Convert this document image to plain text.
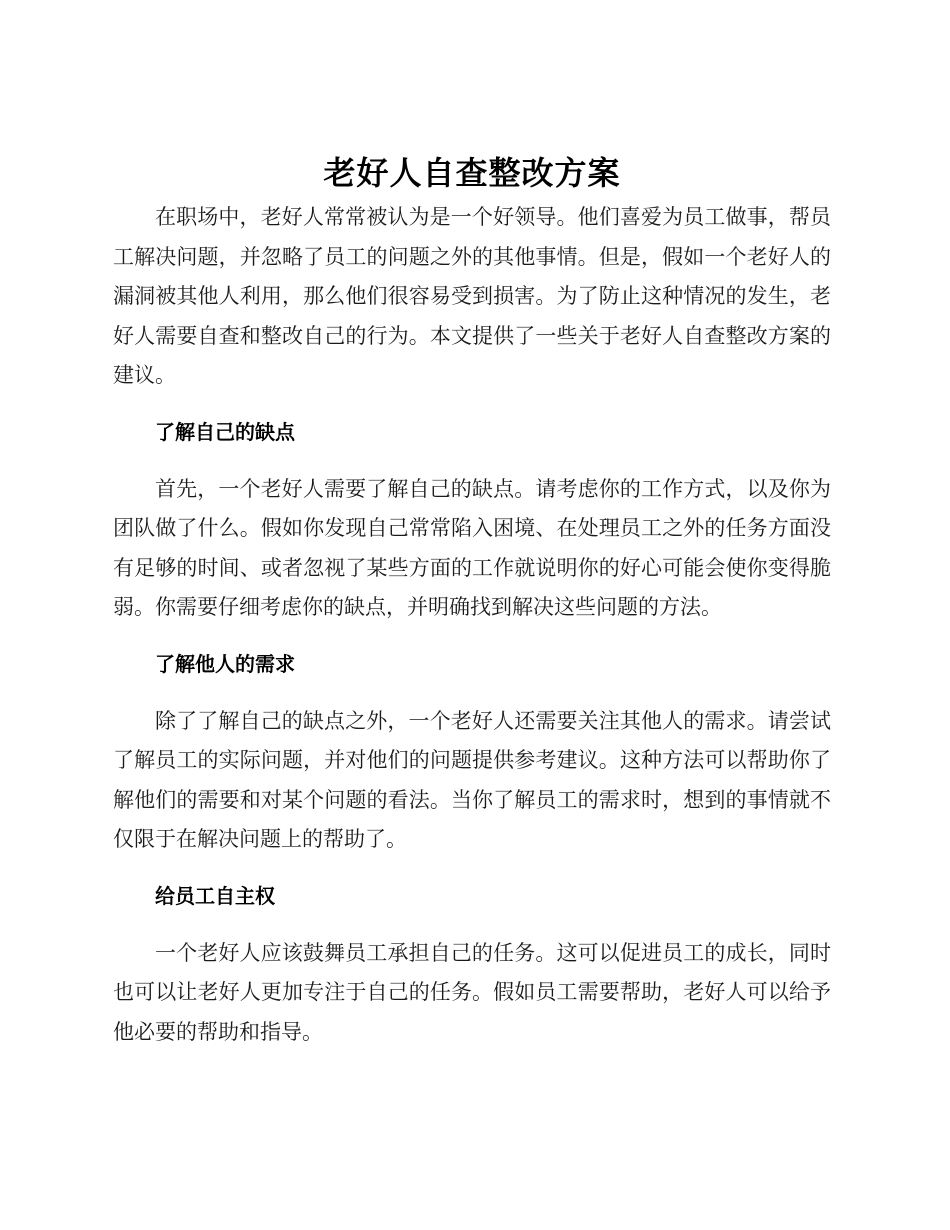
老好人自查整改方案

在职场中，老好人常常被认为是一个好领导。他们喜爱为员工做事，帮员工解决问题，并忽略了员工的问题之外的其他事情。但是，假如一个老好人的漏洞被其他人利用，那么他们很容易受到损害。为了防止这种情况的发生，老好人需要自查和整改自己的行为。本文提供了一些关于老好人自查整改方案的建议。

了解自己的缺点

首先，一个老好人需要了解自己的缺点。请考虑你的工作方式，以及你为团队做了什么。假如你发现自己常常陷入困境、在处理员工之外的任务方面没有足够的时间、或者忽视了某些方面的工作就说明你的好心可能会使你变得脆弱。你需要仔细考虑你的缺点，并明确找到解决这些问题的方法。

了解他人的需求

除了了解自己的缺点之外，一个老好人还需要关注其他人的需求。请尝试了解员工的实际问题，并对他们的问题提供参考建议。这种方法可以帮助你了解他们的需要和对某个问题的看法。当你了解员工的需求时，想到的事情就不仅限于在解决问题上的帮助了。

给员工自主权

一个老好人应该鼓舞员工承担自己的任务。这可以促进员工的成长，同时也可以让老好人更加专注于自己的任务。假如员工需要帮助，老好人可以给予他必要的帮助和指导。
